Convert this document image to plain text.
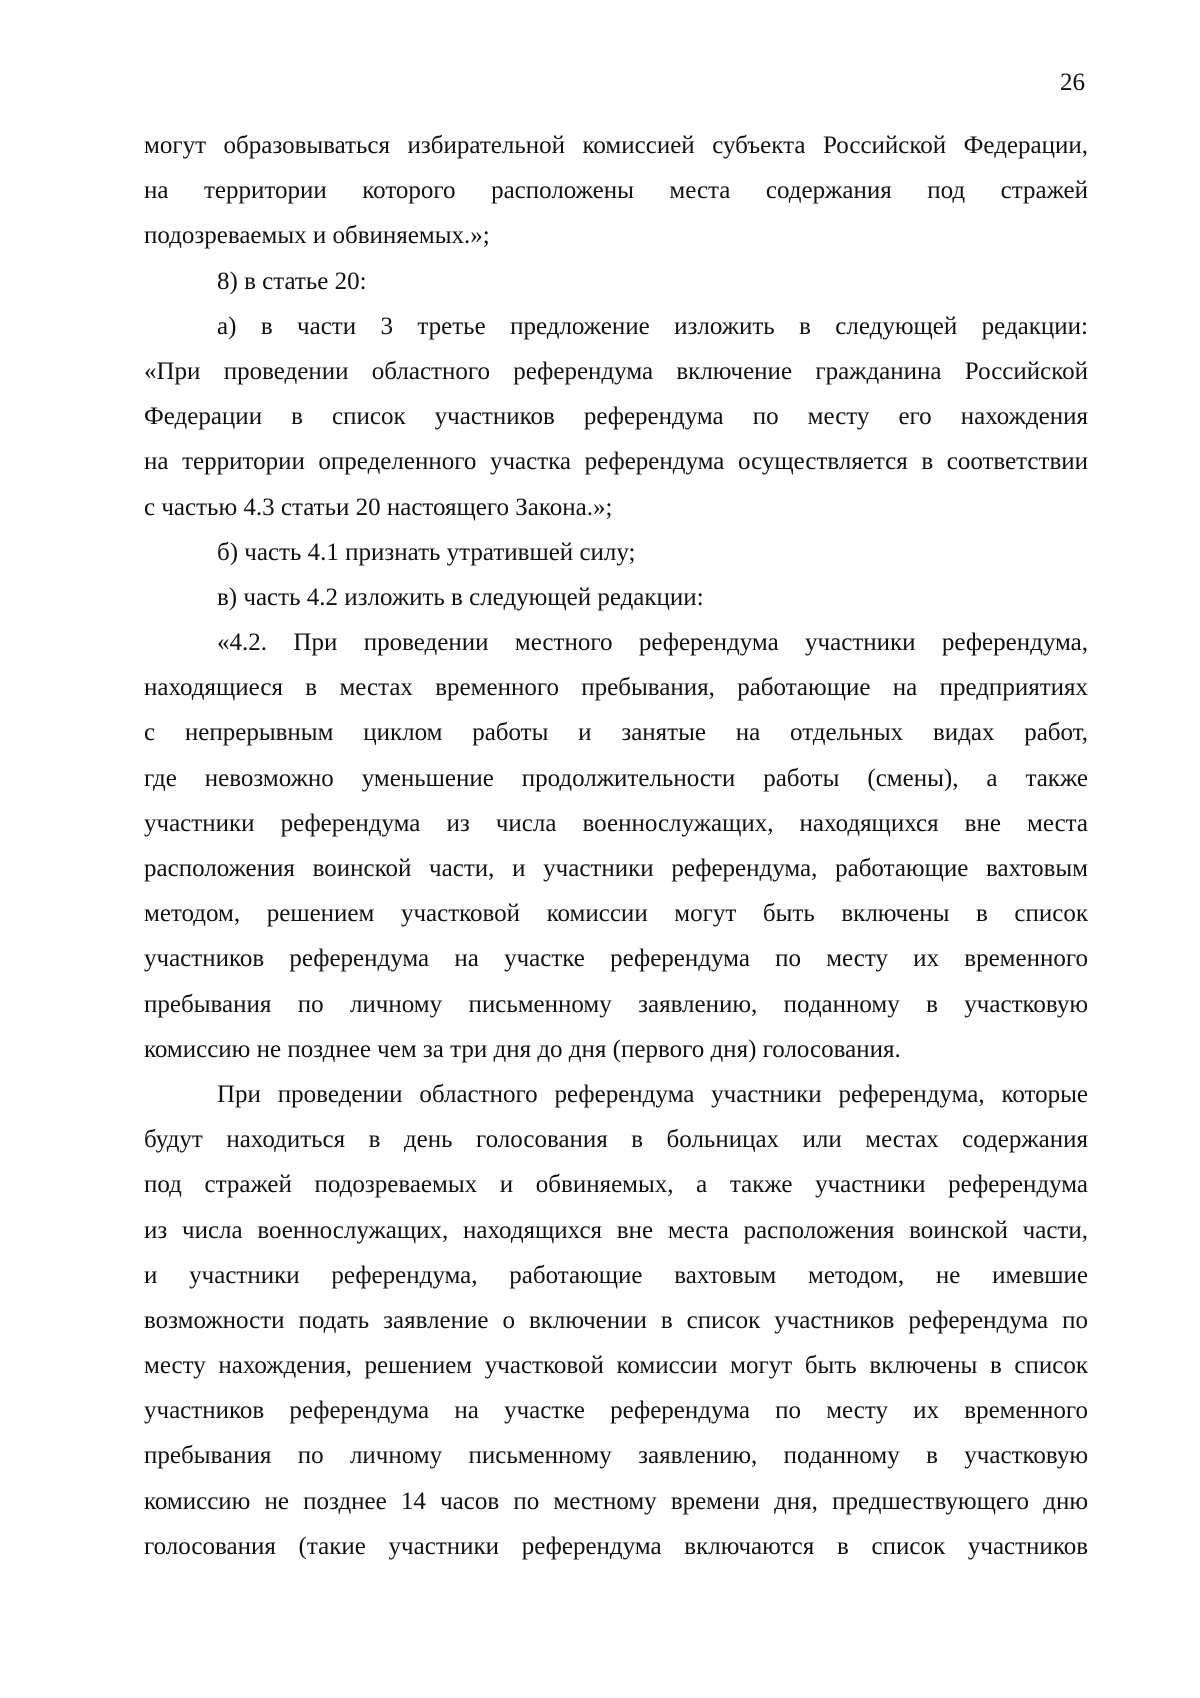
26
могут образовываться избирательной комиссией субъекта Российской Федерации,
на территории которого расположены места содержания под стражей
подозреваемых и обвиняемых.»;
8) в статье 20:
а) в части 3 третье предложение изложить в следующей редакции:
«При проведении областного референдума включение гражданина Российской
Федерации в список участников референдума по месту его нахождения
на территории определенного участка референдума осуществляется в соответствии
с частью 4.3 статьи 20 настоящего Закона.»;
б) часть 4.1 признать утратившей силу;
в) часть 4.2 изложить в следующей редакции:
«4.2. При проведении местного референдума участники референдума,
находящиеся в местах временного пребывания, работающие на предприятиях
с непрерывным циклом работы и занятые на отдельных видах работ,
где невозможно уменьшение продолжительности работы (смены), а также
участники референдума из числа военнослужащих, находящихся вне места
расположения воинской части, и участники референдума, работающие вахтовым
методом, решением участковой комиссии могут быть включены в список
участников референдума на участке референдума по месту их временного
пребывания по личному письменному заявлению, поданному в участковую
комиссию не позднее чем за три дня до дня (первого дня) голосования.
При проведении областного референдума участники референдума, которые
будут находиться в день голосования в больницах или местах содержания
под стражей подозреваемых и обвиняемых, а также участники референдума
из числа военнослужащих, находящихся вне места расположения воинской части,
и участники референдума, работающие вахтовым методом, не имевшие
возможности подать заявление о включении в список участников референдума по
месту нахождения, решением участковой комиссии могут быть включены в список
участников референдума на участке референдума по месту их временного
пребывания по личному письменному заявлению, поданному в участковую
комиссию не позднее 14 часов по местному времени дня, предшествующего дню
голосования (такие участники референдума включаются в список участников
